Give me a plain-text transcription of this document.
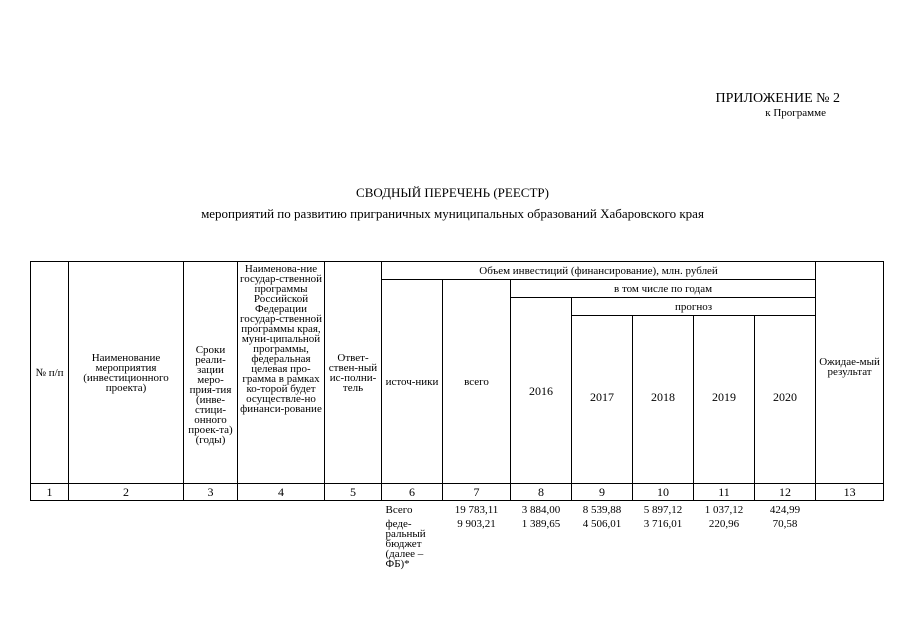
ПРИЛОЖЕНИЕ № 2
к Программе
СВОДНЫЙ ПЕРЕЧЕНЬ (РЕЕСТР)
мероприятий по развитию приграничных муниципальных образований Хабаровского края
№ п/п	Наименование мероприятия (инвестиционного проекта)	Сроки реали-зации меро-прия-тия (инве-стици-онного проек-та) (годы)	Наименова-ние государ-ственной программы Российской Федерации государ-ственной программы края, муни-ципальной программы, федеральная целевая про-грамма в рамках ко-торой будет осуществле-но финанси-рование	Ответ-ствен-ный ис-полни-тель	Объем инвестиций (финансирование), млн. рублей							Ожидае-мый результат
					источ-ники	всего	в том числе по годам					
							2016	прогноз				
								2017	2018	2019	2020	
1	2	3	4	5	6	7	8	9	10	11	12	13
					Всего	19 783,11	3 884,00	8 539,88	5 897,12	1 037,12	424,99	
					феде-ральный бюджет (далее – ФБ)*	9 903,21	1 389,65	4 506,01	3 716,01	220,96	70,58	
